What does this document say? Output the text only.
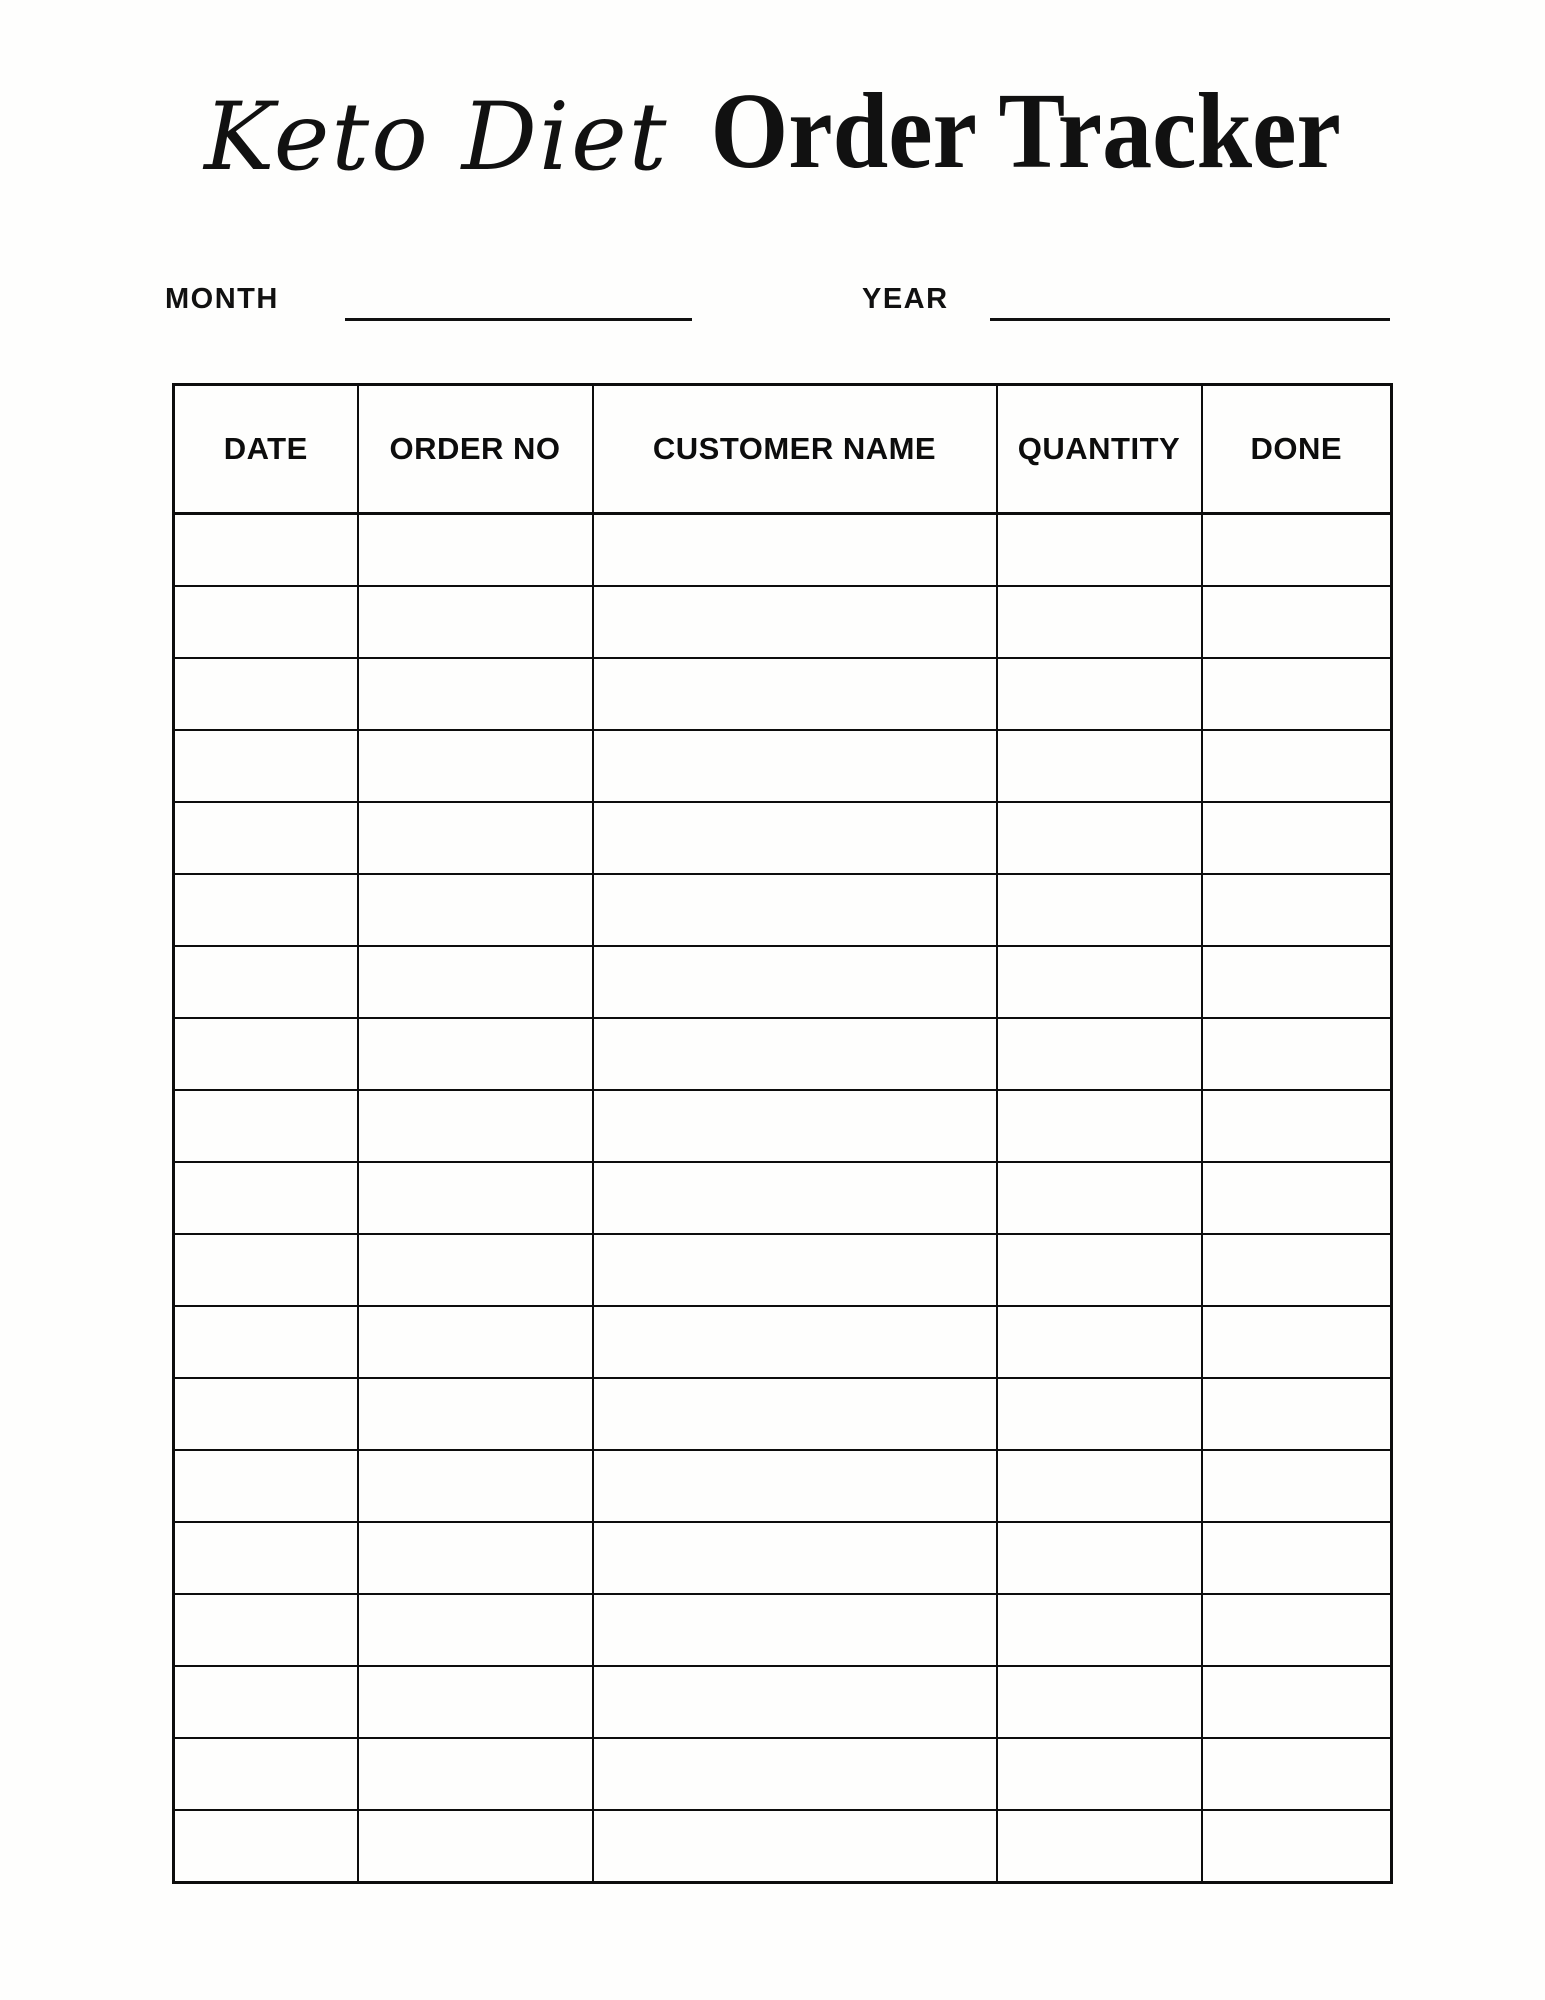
Keto Diet Order Tracker
MONTH	YEAR
DATE	ORDER NO	CUSTOMER NAME	QUANTITY	DONE
